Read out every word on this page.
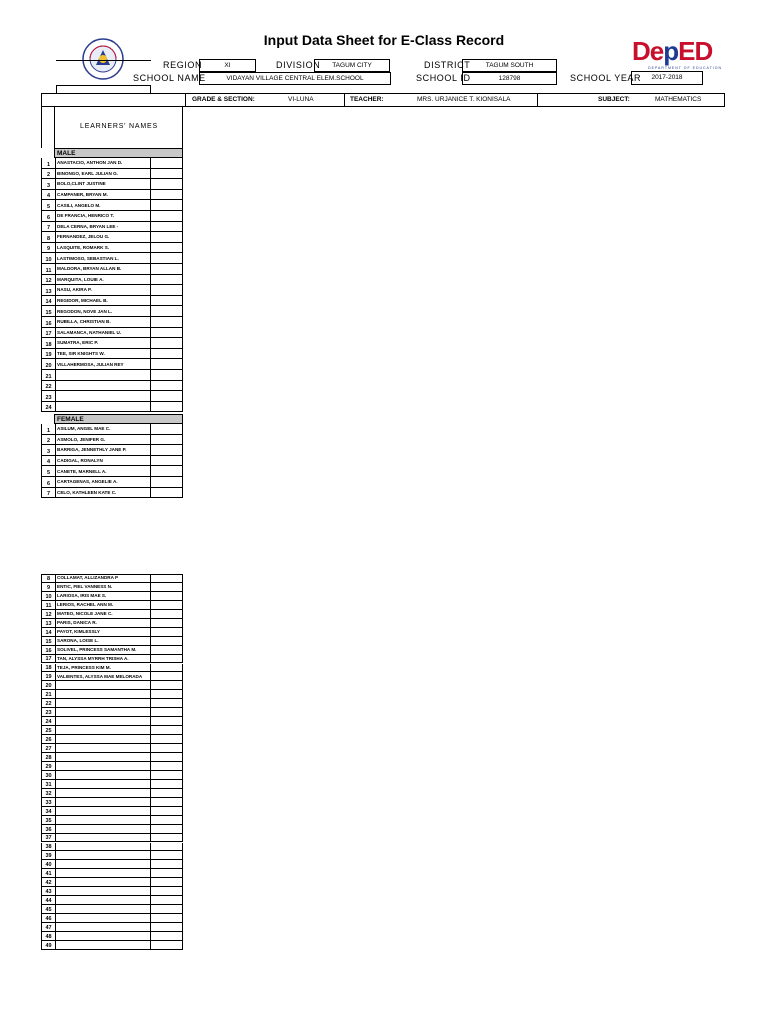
Input Data Sheet for E-Class Record	DepED
DEPARTMENT OF EDUCATION
REGION	XI	DIVISION	TAGUM CITY	DISTRICT	TAGUM SOUTH
SCHOOL NAME	VIDAYAN VILLAGE CENTRAL ELEM.SCHOOL	SCHOOL ID	128798	SCHOOL YEAR	2017-2018
GRADE & SECTION:	VI-LUNA	TEACHER:	MRS. URJANICE T. KIONISALA	SUBJECT:	MATHEMATICS
LEARNERS' NAMES
MALE
1	ANASTACIO, ANTHON JAN D.
2	BINONGO, EARL JULIAN G.
3	BOLO,CLINT JUSTINE
4	CAMPANER, BRYAN M.
5	CASILI, ANGELO M.
6	DE FRANCIA, HENRICO T.
7	DELA CERNA, BRYAN LEE -
8	FERNANDEZ, JELOU G.
9	LASQUITE, ROMARK S.
10	LASTIMOSO, SEBASTIAN L.
11	MALDORA, BRYAN ALLAN B.
12	MARQUITA, LOUIE A.
13	NASU, AKIRA P.
14	REGIDOR, MICHAEL B.
15	REGODON, NOVE JAN L.
16	RUBILLA, CHRISTIAN B.
17	SALAMANCA, NATHANIEL U.
18	SUMATRA, ERIC P.
19	TEE, SIR KNIGHTS W.
20	VILLAHERMOSA, JULIAN REY
21
22
23
24
FEMALE
1	ASILUM, ANGEL MAE C.
2	ASMOLO, JENIFER G.
3	BARRIGA, JENNETHLY JANE P.
4	CADIGAL, RONALYN
5	CANETE, MARNELL A.
6	CARTAGENAS, ANGELIE A.
7	CELO, KATHLEEN KATE C.
8	COLLAMAT, ALLIZANDRA P
9	ENTIC, FIEL VANNESS N.
10	LARIOSA, IRIS MAE S.
11	LERIOS, RACHEL ANN M.
12	MATEO, NICOLE JANE C.
13	PARIS, DANICA R.
14	PAYOT, KIMLESSLY
15	SARONA, LOISE L.
16	SOLIVEL, PRINCESS SAMANTHA M.
17	TAN, ALYSSA MYRRH TRISHA A.
18	TEJA, PRINCESS KIM M.
19	VALIENTES, ALYSSA MAE MELORADA
20
21
22
23
24
25
26
27
28
29
30
31
32
33
34
35
36
37
38
39
40
41
42
43
44
45
46
47
48
49
